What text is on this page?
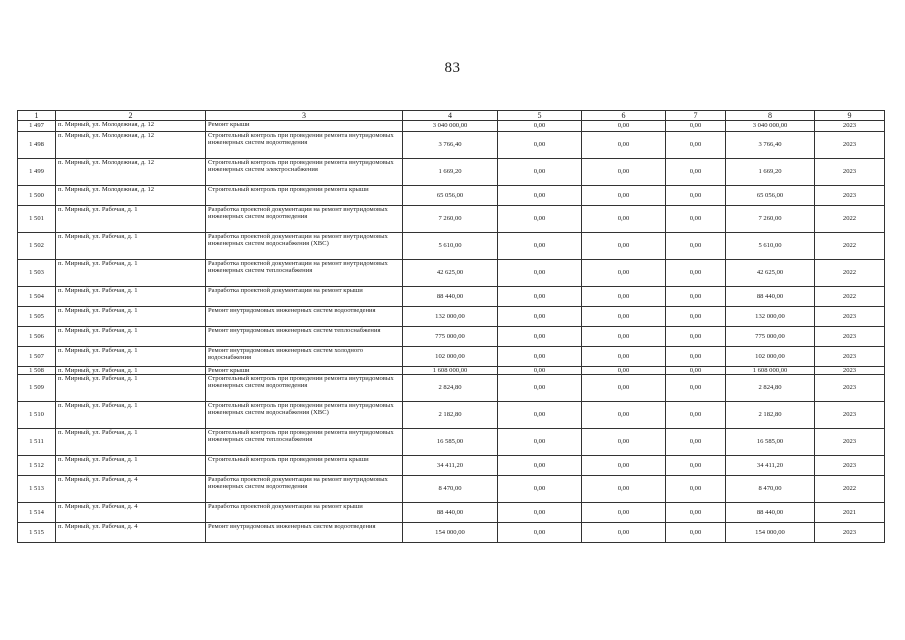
83
1	2	3	4	5	6	7	8	9
1 497	п. Мирный, ул. Молодежная, д. 12	Ремонт крыши	3 040 000,00	0,00	0,00	0,00	3 040 000,00	2023
1 498	п. Мирный, ул. Молодежная, д. 12	Строительный контроль при проведении ремонта внутридомовых инженерных систем водоотведения	3 766,40	0,00	0,00	0,00	3 766,40	2023
1 499	п. Мирный, ул. Молодежная, д. 12	Строительный контроль при проведении ремонта внутридомовых инженерных систем электроснабжения	1 669,20	0,00	0,00	0,00	1 669,20	2023
1 500	п. Мирный, ул. Молодежная, д. 12	Строительный контроль при проведении ремонта крыши	65 056,00	0,00	0,00	0,00	65 056,00	2023
1 501	п. Мирный, ул. Рабочая, д. 1	Разработка проектной документации на ремонт внутридомовых инженерных систем водоотведения	7 260,00	0,00	0,00	0,00	7 260,00	2022
1 502	п. Мирный, ул. Рабочая, д. 1	Разработка проектной документации на ремонт внутридомовых инженерных систем водоснабжения (ХВС)	5 610,00	0,00	0,00	0,00	5 610,00	2022
1 503	п. Мирный, ул. Рабочая, д. 1	Разработка проектной документации на ремонт внутридомовых инженерных систем теплоснабжения	42 625,00	0,00	0,00	0,00	42 625,00	2022
1 504	п. Мирный, ул. Рабочая, д. 1	Разработка проектной документации на ремонт крыши	88 440,00	0,00	0,00	0,00	88 440,00	2022
1 505	п. Мирный, ул. Рабочая, д. 1	Ремонт внутридомовых инженерных систем водоотведения	132 000,00	0,00	0,00	0,00	132 000,00	2023
1 506	п. Мирный, ул. Рабочая, д. 1	Ремонт внутридомовых инженерных систем теплоснабжения	775 000,00	0,00	0,00	0,00	775 000,00	2023
1 507	п. Мирный, ул. Рабочая, д. 1	Ремонт внутридомовых инженерных систем холодного водоснабжения	102 000,00	0,00	0,00	0,00	102 000,00	2023
1 508	п. Мирный, ул. Рабочая, д. 1	Ремонт крыши	1 608 000,00	0,00	0,00	0,00	1 608 000,00	2023
1 509	п. Мирный, ул. Рабочая, д. 1	Строительный контроль при проведении ремонта внутридомовых инженерных систем водоотведения	2 824,80	0,00	0,00	0,00	2 824,80	2023
1 510	п. Мирный, ул. Рабочая, д. 1	Строительный контроль при проведении ремонта внутридомовых инженерных систем водоснабжения (ХВС)	2 182,80	0,00	0,00	0,00	2 182,80	2023
1 511	п. Мирный, ул. Рабочая, д. 1	Строительный контроль при проведении ремонта внутридомовых инженерных систем теплоснабжения	16 585,00	0,00	0,00	0,00	16 585,00	2023
1 512	п. Мирный, ул. Рабочая, д. 1	Строительный контроль при проведении ремонта крыши	34 411,20	0,00	0,00	0,00	34 411,20	2023
1 513	п. Мирный, ул. Рабочая, д. 4	Разработка проектной документации на ремонт внутридомовых инженерных систем водоотведения	8 470,00	0,00	0,00	0,00	8 470,00	2022
1 514	п. Мирный, ул. Рабочая, д. 4	Разработка проектной документации на ремонт крыши	88 440,00	0,00	0,00	0,00	88 440,00	2021
1 515	п. Мирный, ул. Рабочая, д. 4	Ремонт внутридомовых инженерных систем водоотведения	154 000,00	0,00	0,00	0,00	154 000,00	2023
